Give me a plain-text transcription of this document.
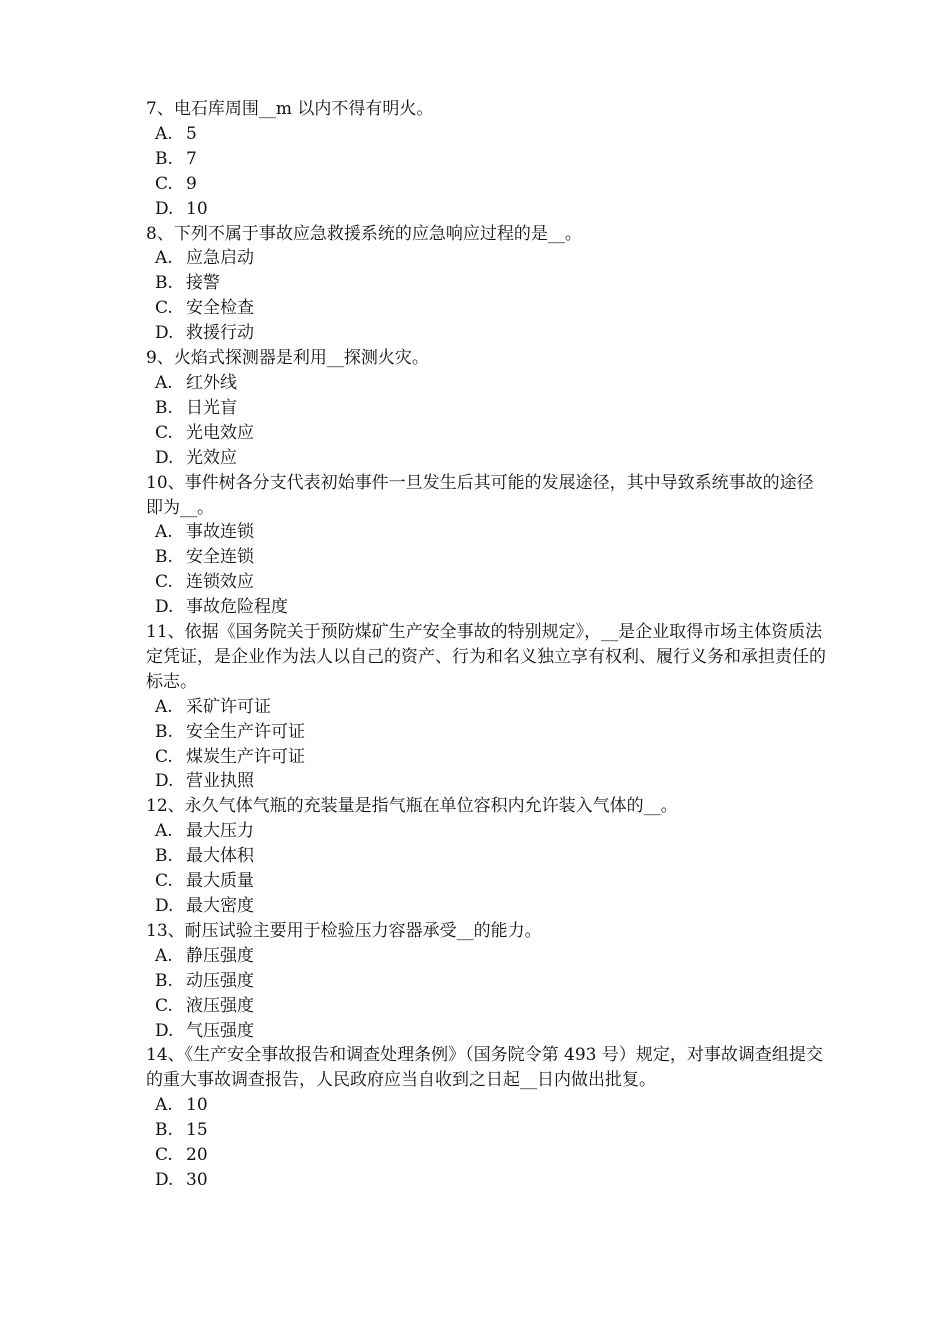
7、电石库周围__m 以内不得有明火。

A. 5
B. 7
C. 9
D. 10

8、下列不属于事故应急救援系统的应急响应过程的是__。

A. 应急启动
B. 接警
C. 安全检查
D. 救援行动

9、火焰式探测器是利用__探测火灾。

A. 红外线
B. 日光盲
C. 光电效应
D. 光效应

10、事件树各分支代表初始事件一旦发生后其可能的发展途径，其中导致系统事故的途径即为__。

A. 事故连锁
B. 安全连锁
C. 连锁效应
D. 事故危险程度

11、依据《国务院关于预防煤矿生产安全事故的特别规定》，__是企业取得市场主体资质法定凭证，是企业作为法人以自己的资产、行为和名义独立享有权利、履行义务和承担责任的标志。

A. 采矿许可证
B. 安全生产许可证
C. 煤炭生产许可证
D. 营业执照

12、永久气体气瓶的充装量是指气瓶在单位容积内允许装入气体的__。

A. 最大压力
B. 最大体积
C. 最大质量
D. 最大密度

13、耐压试验主要用于检验压力容器承受__的能力。

A. 静压强度
B. 动压强度
C. 液压强度
D. 气压强度

14、《生产安全事故报告和调查处理条例》（国务院令第 493 号）规定，对事故调查组提交的重大事故调查报告，人民政府应当自收到之日起__日内做出批复。

A. 10
B. 15
C. 20
D. 30
